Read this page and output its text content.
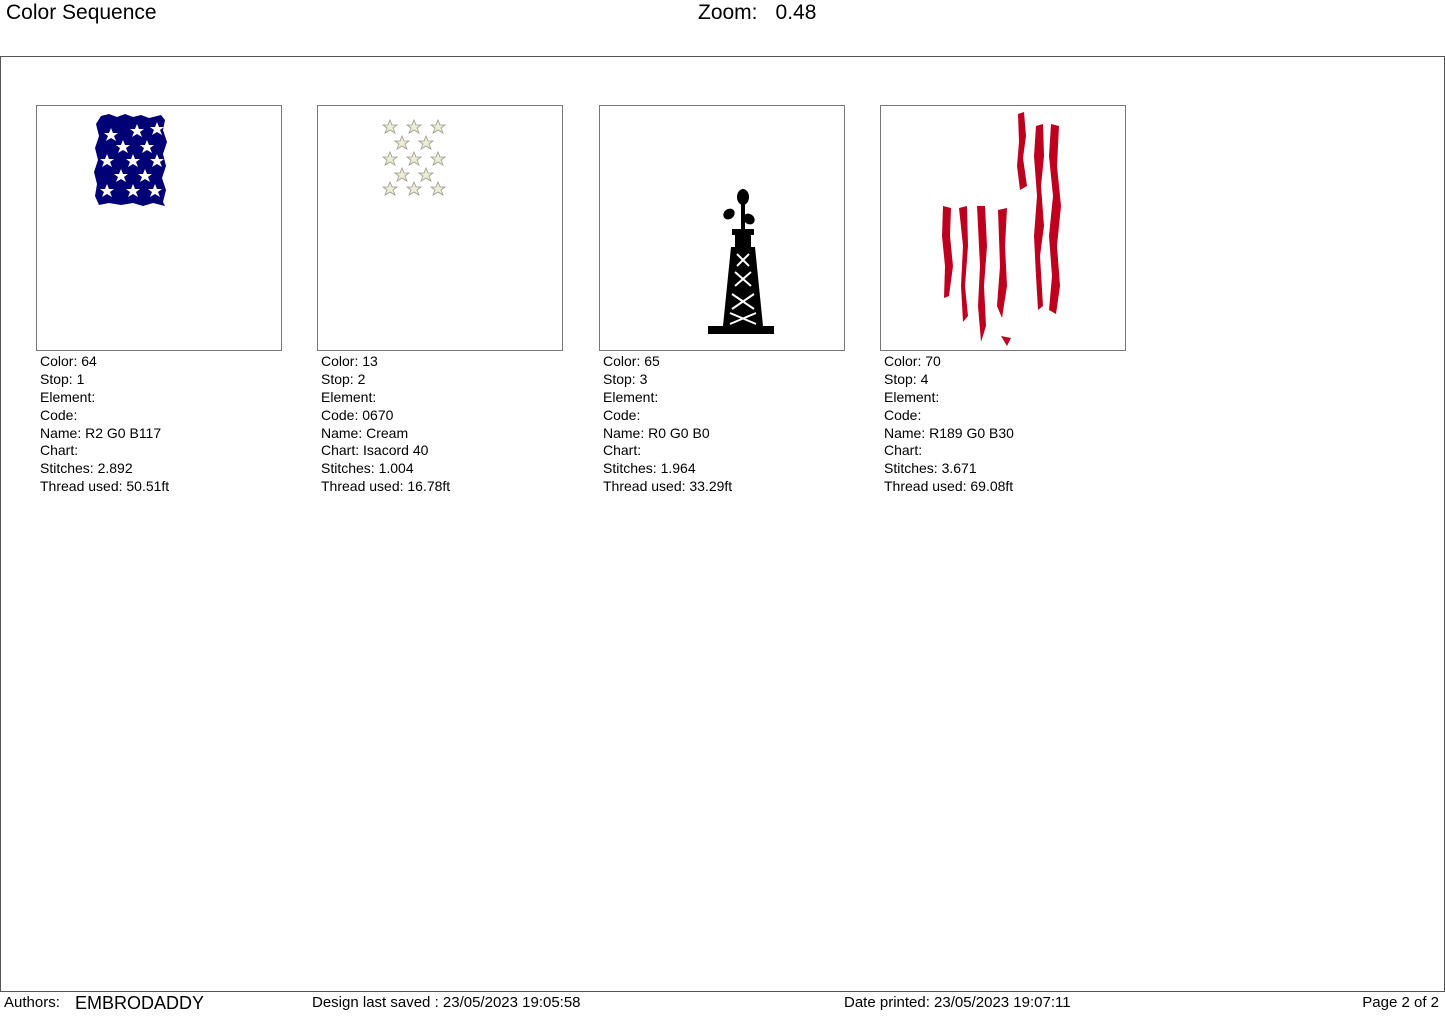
Color Sequence	Zoom: 0.48
Color: 64
Stop: 1
Element:
Code:
Name: R2 G0 B117
Chart:
Stitches: 2.892
Thread used: 50.51ft
Color: 13
Stop: 2
Element:
Code: 0670
Name: Cream
Chart: Isacord 40
Stitches: 1.004
Thread used: 16.78ft
Color: 65
Stop: 3
Element:
Code:
Name: R0 G0 B0
Chart:
Stitches: 1.964
Thread used: 33.29ft
Color: 70
Stop: 4
Element:
Code:
Name: R189 G0 B30
Chart:
Stitches: 3.671
Thread used: 69.08ft
Authors: EMBRODADDY	Design last saved : 23/05/2023 19:05:58	Date printed: 23/05/2023 19:07:11	Page 2 of 2
